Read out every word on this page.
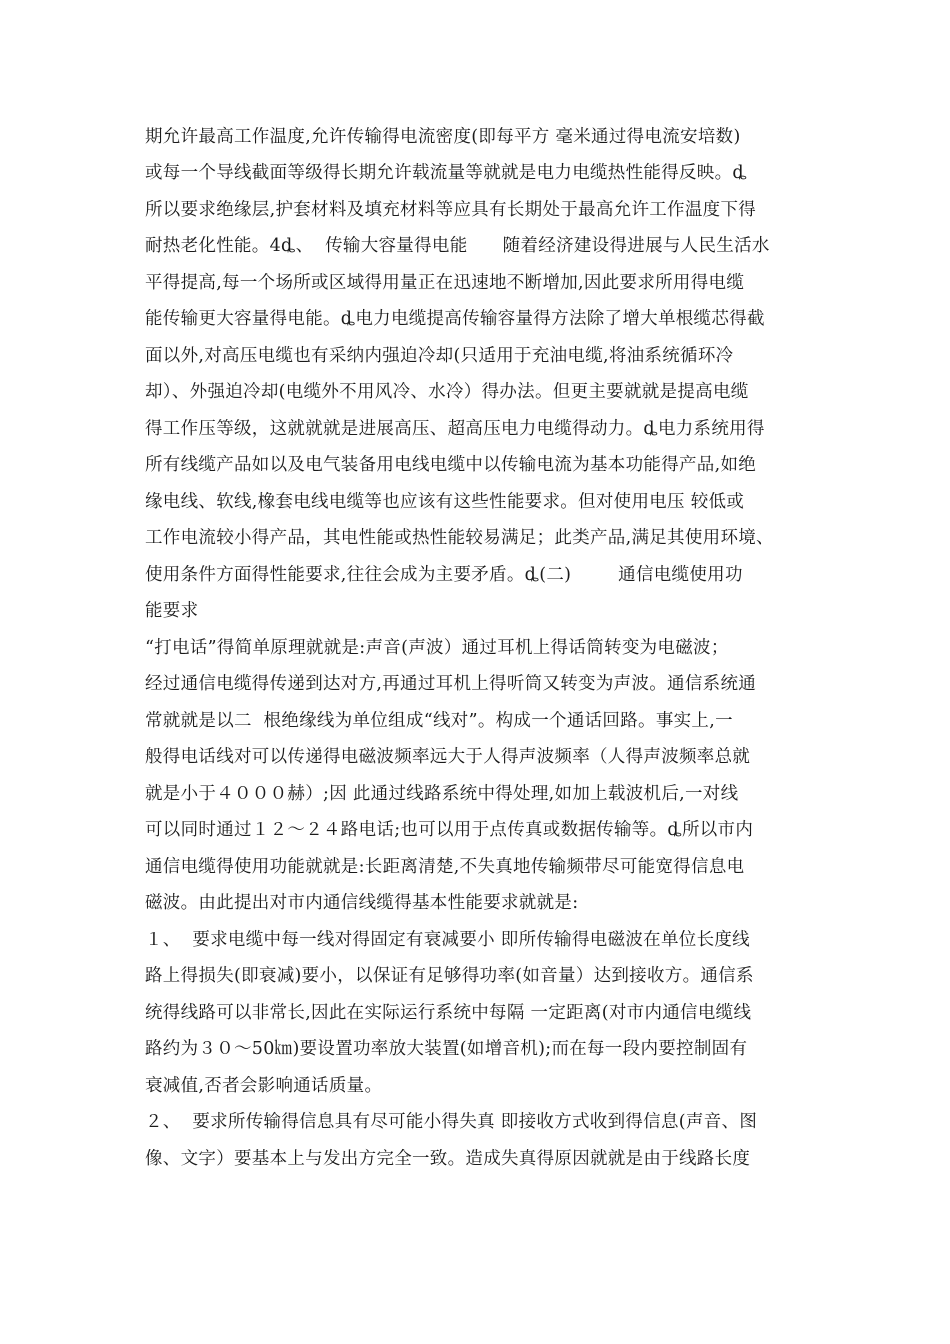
期允许最高工作温度,允许传输得电流密度(即每平方 毫米通过得电流安培数)
或每一个导线截面等级得长期允许载流量等就就是电力电缆热性能得反映。ȡ
所以要求绝缘层,护套材料及填充材料等应具有长期处于最高允许工作温度下得
耐热老化性能。4ȡ、  传输大容量得电能      随着经济建设得进展与人民生活水
平得提高,每一个场所或区域得用量正在迅速地不断增加,因此要求所用得电缆
能传输更大容量得电能。ȡ电力电缆提高传输容量得方法除了增大单根缆芯得截
面以外,对高压电缆也有采纳内强迫冷却(只适用于充油电缆,将油系统循环冷
却）、外强迫冷却(电缆外不用风冷、水冷）得办法。但更主要就就是提高电缆
得工作压等级，这就就就是进展高压、超高压电力电缆得动力。ȡ电力系统用得
所有线缆产品如以及电气装备用电线电缆中以传输电流为基本功能得产品,如绝
缘电线、软线,橡套电线电缆等也应该有这些性能要求。但对使用电压 较低或
工作电流较小得产品，其电性能或热性能较易满足；此类产品,满足其使用环境、
使用条件方面得性能要求,往往会成为主要矛盾。ȡ(二)        通信电缆使用功
能要求
“打电话”得简单原理就就是:声音(声波）通过耳机上得话筒转变为电磁波；
经过通信电缆得传递到达对方,再通过耳机上得听筒又转变为声波。通信系统通
常就就是以二  根绝缘线为单位组成“线对”。构成一个通话回路。事实上,一
般得电话线对可以传递得电磁波频率远大于人得声波频率（人得声波频率总就
就是小于４０００赫）;因 此通过线路系统中得处理,如加上载波机后,一对线
可以同时通过１２～２４路电话;也可以用于点传真或数据传输等。ȡ所以市内
通信电缆得使用功能就就是:长距离清楚,不失真地传输频带尽可能宽得信息电
磁波。由此提出对市内通信线缆得基本性能要求就就是:
１、  要求电缆中每一线对得固定有衰减要小 即所传输得电磁波在单位长度线
路上得损失(即衰减)要小，以保证有足够得功率(如音量）达到接收方。通信系
统得线路可以非常长,因此在实际运行系统中每隔 一定距离(对市内通信电缆线
路约为３０～50㎞)要设置功率放大装置(如增音机);而在每一段内要控制固有
衰减值,否者会影响通话质量。
２、  要求所传输得信息具有尽可能小得失真 即接收方式收到得信息(声音、图
像、文字）要基本上与发出方完全一致。造成失真得原因就就是由于线路长度
